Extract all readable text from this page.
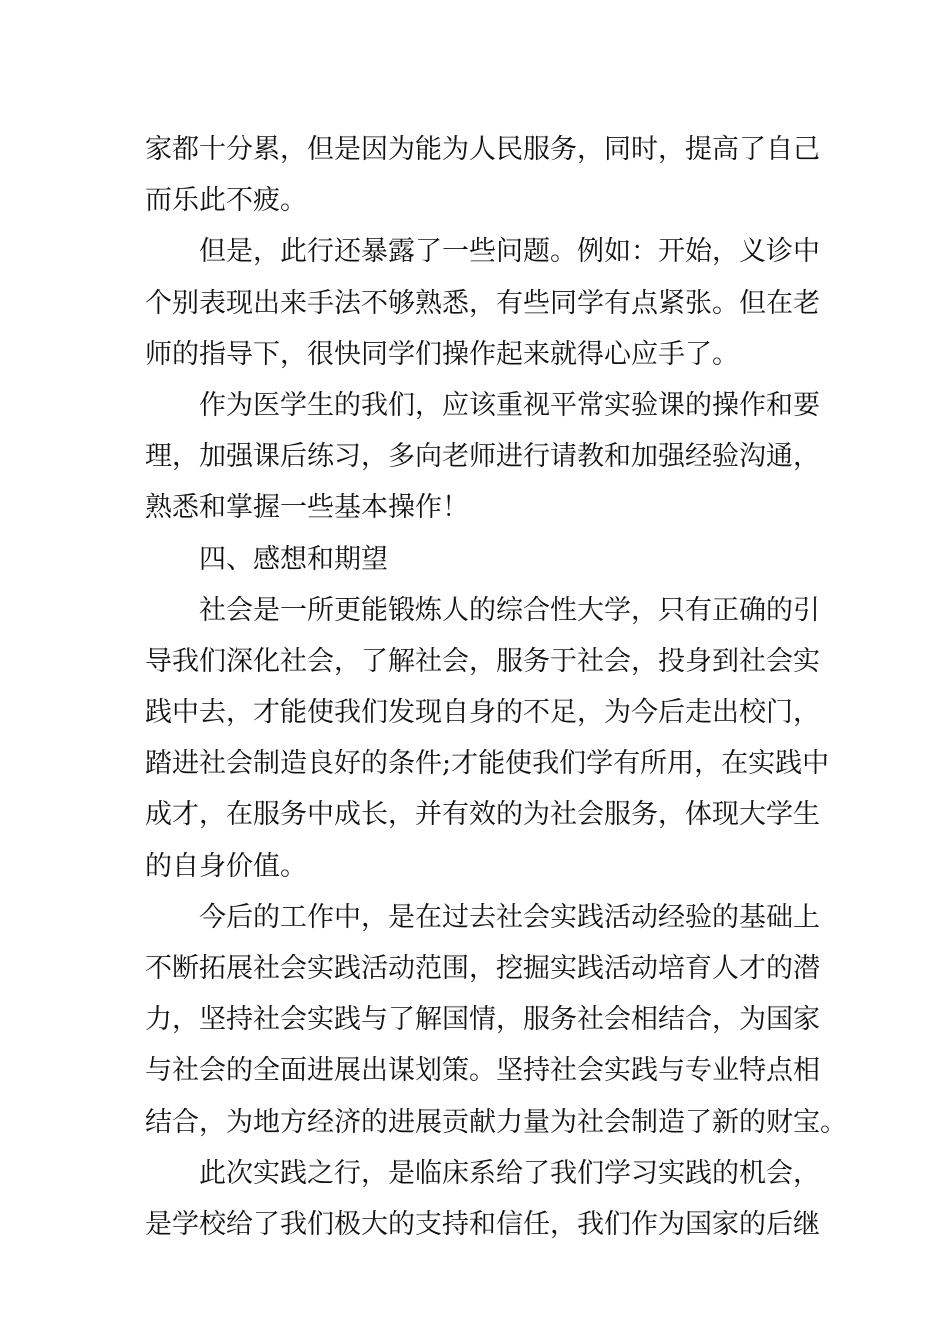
家都十分累，但是因为能为人民服务，同时，提高了自己
而乐此不疲。
但是，此行还暴露了一些问题。例如：开始，义诊中
个别表现出来手法不够熟悉，有些同学有点紧张。但在老
师的指导下，很快同学们操作起来就得心应手了。
作为医学生的我们，应该重视平常实验课的操作和要
理，加强课后练习，多向老师进行请教和加强经验沟通，
熟悉和掌握一些基本操作！
四、感想和期望
社会是一所更能锻炼人的综合性大学，只有正确的引
导我们深化社会，了解社会，服务于社会，投身到社会实
践中去，才能使我们发现自身的不足，为今后走出校门，
踏进社会制造良好的条件;才能使我们学有所用，在实践中
成才，在服务中成长，并有效的为社会服务，体现大学生
的自身价值。
今后的工作中，是在过去社会实践活动经验的基础上
不断拓展社会实践活动范围，挖掘实践活动培育人才的潜
力，坚持社会实践与了解国情，服务社会相结合，为国家
与社会的全面进展出谋划策。坚持社会实践与专业特点相
结合，为地方经济的进展贡献力量为社会制造了新的财宝。
此次实践之行，是临床系给了我们学习实践的机会，
是学校给了我们极大的支持和信任，我们作为国家的后继
